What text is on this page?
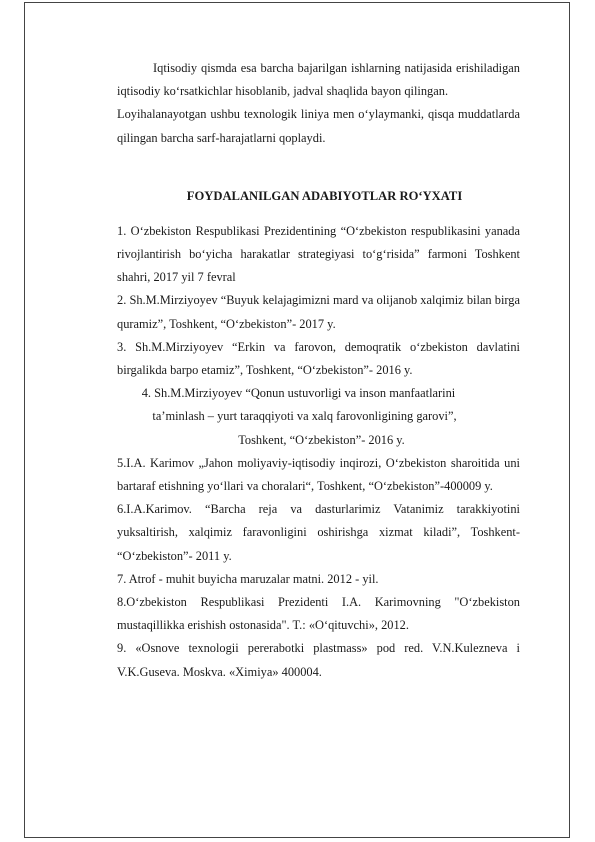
Iqtisodiy qismda esa barcha bajarilgan ishlarning natijasida erishiladigan iqtisodiy ko‘rsatkichlar hisoblanib, jadval shaqlida bayon qilingan.

Loyihalanayotgan ushbu texnologik liniya men o‘ylaymanki, qisqa muddatlarda qilingan barcha sarf-harajatlarni qoplaydi.

FOYDALANILGAN ADABIYOTLAR RO‘YXATI

1. O‘zbekiston Respublikasi Prezidentining “O‘zbekiston respublikasini yanada rivojlantirish bo‘yicha harakatlar strategiyasi to‘g‘risida” farmoni Toshkent shahri, 2017 yil 7 fevral

2. Sh.M.Mirziyoyev “Buyuk kelajagimizni mard va olijanob xalqimiz bilan birga quramiz”, Toshkent, “O‘zbekiston”- 2017 y.

3. Sh.M.Mirziyoyev “Erkin va farovon, demoqratik o‘zbekiston davlatini birgalikda barpo etamiz”, Toshkent, “O‘zbekiston”- 2016 y.

4. Sh.M.Mirziyoyev “Qonun ustuvorligi va inson manfaatlarini

ta’minlash – yurt taraqqiyoti va xalq farovonligining garovi”,

Toshkent, “O‘zbekiston”- 2016 y.

5.I.A. Karimov „Jahon moliyaviy-iqtisodiy inqirozi, O‘zbekiston sharoitida uni bartaraf etishning yo‘llari va choralari“, Toshkent, “O‘zbekiston”-400009 y.

6.I.A.Karimov. “Barcha reja va dasturlarimiz Vatanimiz tarakkiyotini yuksaltirish, xalqimiz faravonligini oshirishga xizmat kiladi”, Toshkent- “O‘zbekiston”- 2011 y.

7. Atrof - muhit buyicha maruzalar matni. 2012 - yil.

8.O‘zbekiston Respublikasi Prezidenti I.A. Karimovning "O‘zbekiston mustaqillikka erishish ostonasida". T.: «O‘qituvchi», 2012.

9. «Osnove texnologii pererabotki plastmass» pod red. V.N.Kulezneva i V.K.Guseva. Moskva. «Ximiya» 400004.
